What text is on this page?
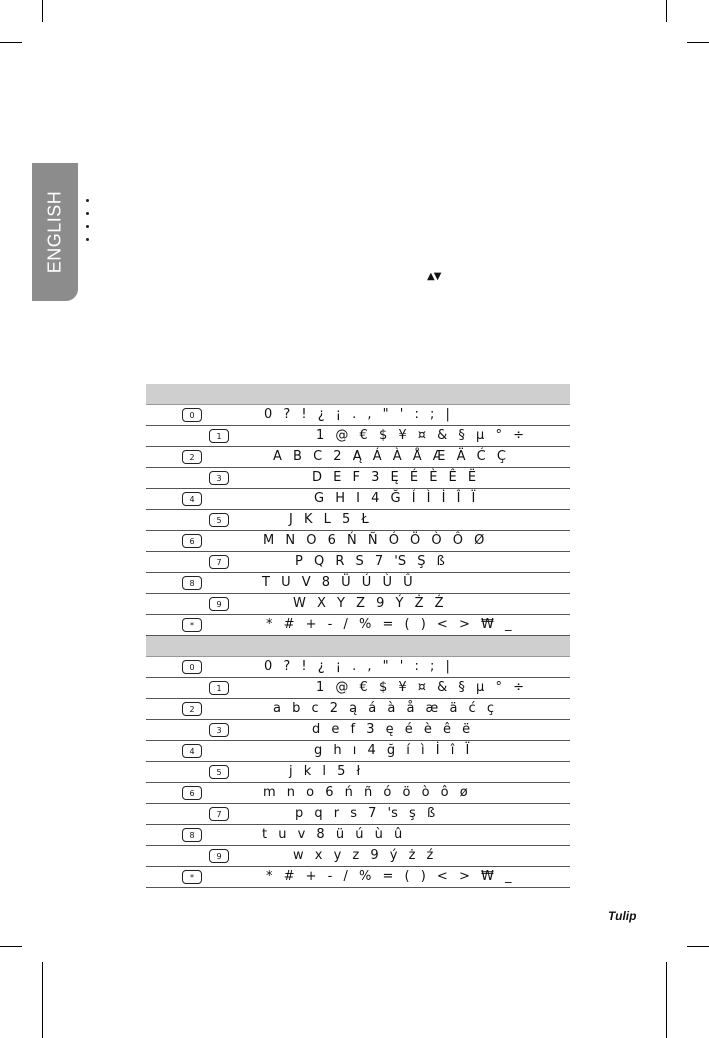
ENGLISH
▲▼
0	0 ? ! ¿ ¡ . , " ' : ; |
1	1 @ € $ ¥ ¤ & § µ ° ÷
2	A B C 2 Ą Á À Å Æ Ä Ć Ç
3	D E F 3 Ę É È Ê Ë
4	G H I 4 Ğ Í Ì İ Î Ï
5	J K L 5 Ł
6	M N O 6 Ń Ñ Ó Ö Ò Ô Ø
7	P Q R S 7 'S Ş ß
8	T U V 8 Ü Ú Ù Û
9	W X Y Z 9 Ý Ż Ź
*	* # + - / % = ( ) < > ₩ _
0	0 ? ! ¿ ¡ . , " ' : ; |
1	1 @ € $ ¥ ¤ & § µ ° ÷
2	a b c 2 ą á à å æ ä ć ç
3	d e f 3 ę é è ê ë
4	g h ı 4 ğ í ì İ î Ï
5	j k l 5 ł
6	m n o 6 ń ñ ó ö ò ô ø
7	p q r s 7 's ş ß
8	t u v 8 ü ú ù û
9	w x y z 9 ý ż ź
*	* # + - / % = ( ) < > ₩ _
Tulip
